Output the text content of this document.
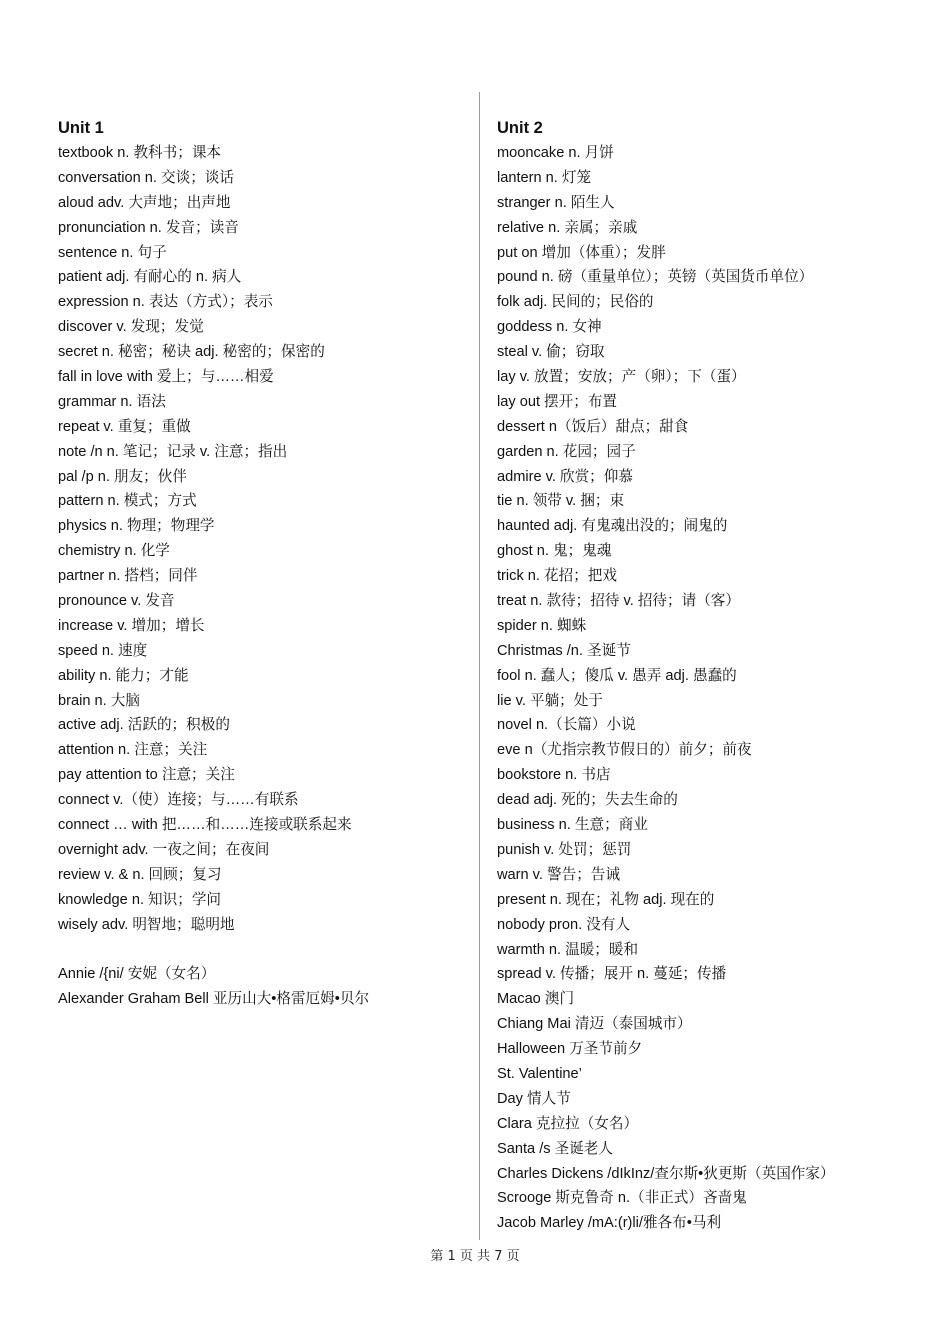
Unit 1
textbook n. 教科书；课本
conversation n. 交谈；谈话
aloud adv. 大声地；出声地
pronunciation n. 发音；读音
sentence n. 句子
patient adj. 有耐心的 n. 病人
expression n. 表达（方式）；表示
discover v. 发现；发觉
secret n. 秘密；秘诀 adj. 秘密的；保密的
fall in love with 爱上；与……相爱
grammar n. 语法
repeat v. 重复；重做
note /n n. 笔记；记录 v. 注意；指出
pal /p n. 朋友；伙伴
pattern n. 模式；方式
physics n. 物理；物理学
chemistry n. 化学
partner n. 搭档；同伴
pronounce v. 发音
increase v. 增加；增长
speed n. 速度
ability n. 能力；才能
brain n. 大脑
active adj. 活跃的；积极的
attention n. 注意；关注
pay attention to 注意；关注
connect v.（使）连接；与……有联系
connect … with 把……和……连接或联系起来
overnight adv. 一夜之间；在夜间
review v. & n. 回顾；复习
knowledge n. 知识；学问
wisely adv. 明智地；聪明地
Annie /{ni/ 安妮（女名）
Alexander Graham Bell 亚历山大•格雷厄姆•贝尔
Unit 2
mooncake n. 月饼
lantern n. 灯笼
stranger n. 陌生人
relative n. 亲属；亲戚
put on 增加（体重）；发胖
pound n. 磅（重量单位）；英镑（英国货币单位）
folk adj. 民间的；民俗的
goddess n. 女神
steal v. 偷；窃取
lay v. 放置；安放；产（卵）；下（蛋）
lay out 摆开；布置
dessert n（饭后）甜点；甜食
garden n. 花园；园子
admire v. 欣赏；仰慕
tie n. 领带 v. 捆；束
haunted adj. 有鬼魂出没的；闹鬼的
ghost n. 鬼；鬼魂
trick n. 花招；把戏
treat n. 款待；招待 v. 招待；请（客）
spider n. 蜘蛛
Christmas /n. 圣诞节
fool n. 蠢人；傻瓜 v. 愚弄 adj. 愚蠢的
lie v. 平躺；处于
novel n.（长篇）小说
eve n（尤指宗教节假日的）前夕；前夜
bookstore n. 书店
dead adj. 死的；失去生命的
business n. 生意；商业
punish v. 处罚；惩罚
warn v. 警告；告诫
present n. 现在；礼物 adj. 现在的
nobody pron. 没有人
warmth n. 温暖；暖和
spread v. 传播；展开 n. 蔓延；传播
Macao 澳门
Chiang Mai 清迈（泰国城市）
Halloween 万圣节前夕
St. Valentine’
Day 情人节
Clara 克拉拉（女名）
Santa /s 圣诞老人
Charles Dickens /dIkInz/查尔斯•狄更斯（英国作家）
Scrooge 斯克鲁奇 n.（非正式）吝啬鬼
Jacob Marley /mA:(r)li/雅各布•马利
第 1 页 共 7 页
